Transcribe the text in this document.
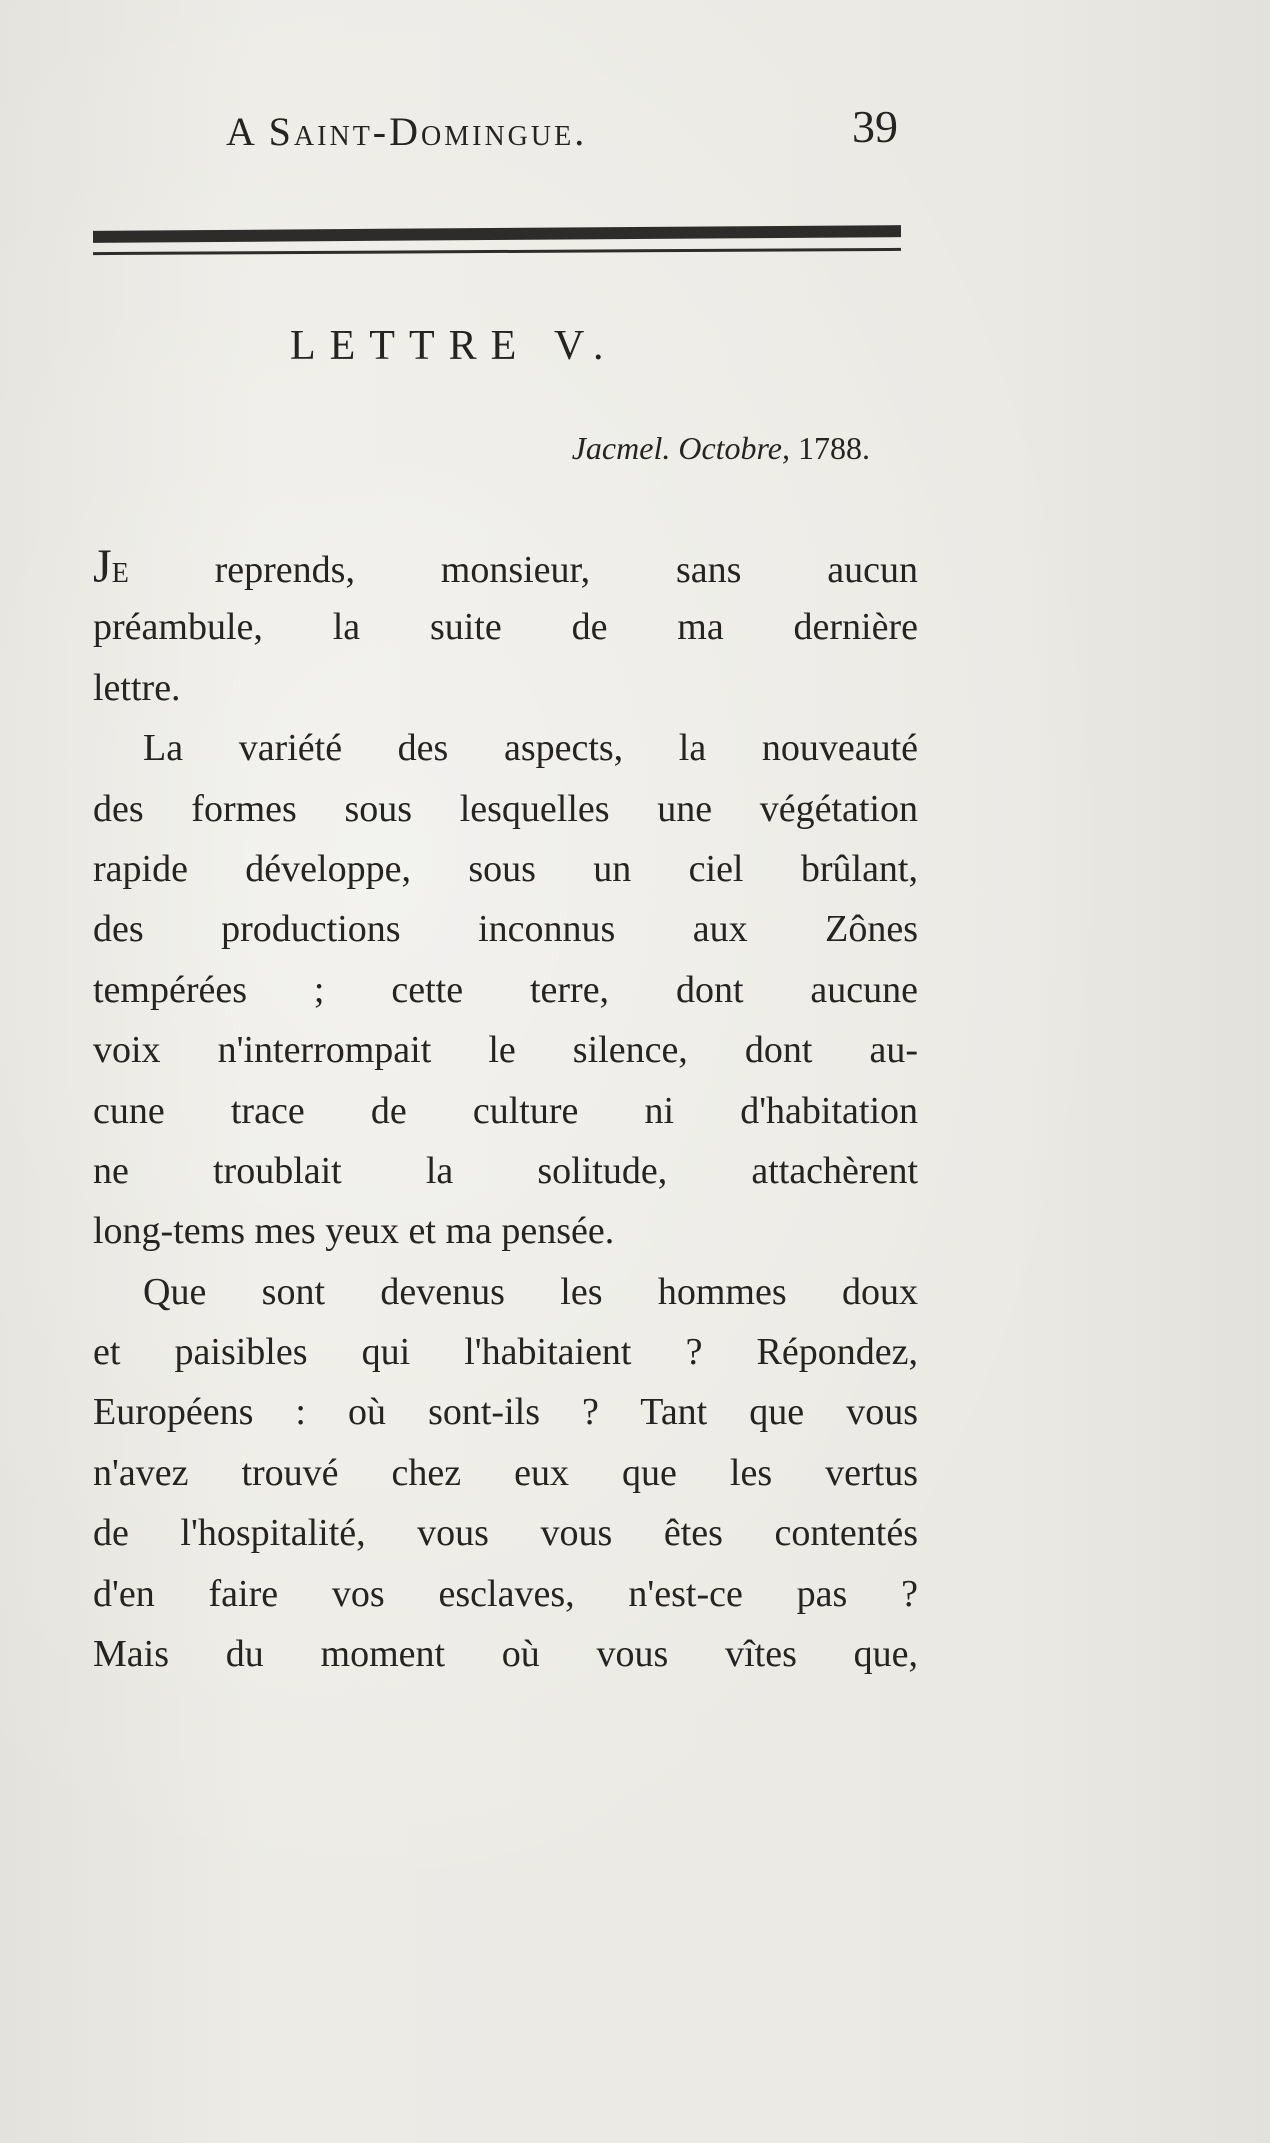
A Saint-Domingue.	39
LETTRE V.
Jacmel. Octobre, 1788.
JE reprends, monsieur, sans aucun
préambule, la suite de ma dernière
lettre.
La variété des aspects, la nouveauté
des formes sous lesquelles une végétation
rapide développe, sous un ciel brûlant,
des productions inconnus aux Zônes
tempérées ; cette terre, dont aucune
voix n'interrompait le silence, dont au-
cune trace de culture ni d'habitation
ne troublait la solitude, attachèrent
long-tems mes yeux et ma pensée.
Que sont devenus les hommes doux
et paisibles qui l'habitaient ? Répondez,
Européens : où sont-ils ? Tant que vous
n'avez trouvé chez eux que les vertus
de l'hospitalité, vous vous êtes contentés
d'en faire vos esclaves, n'est-ce pas ?
Mais du moment où vous vîtes que,
